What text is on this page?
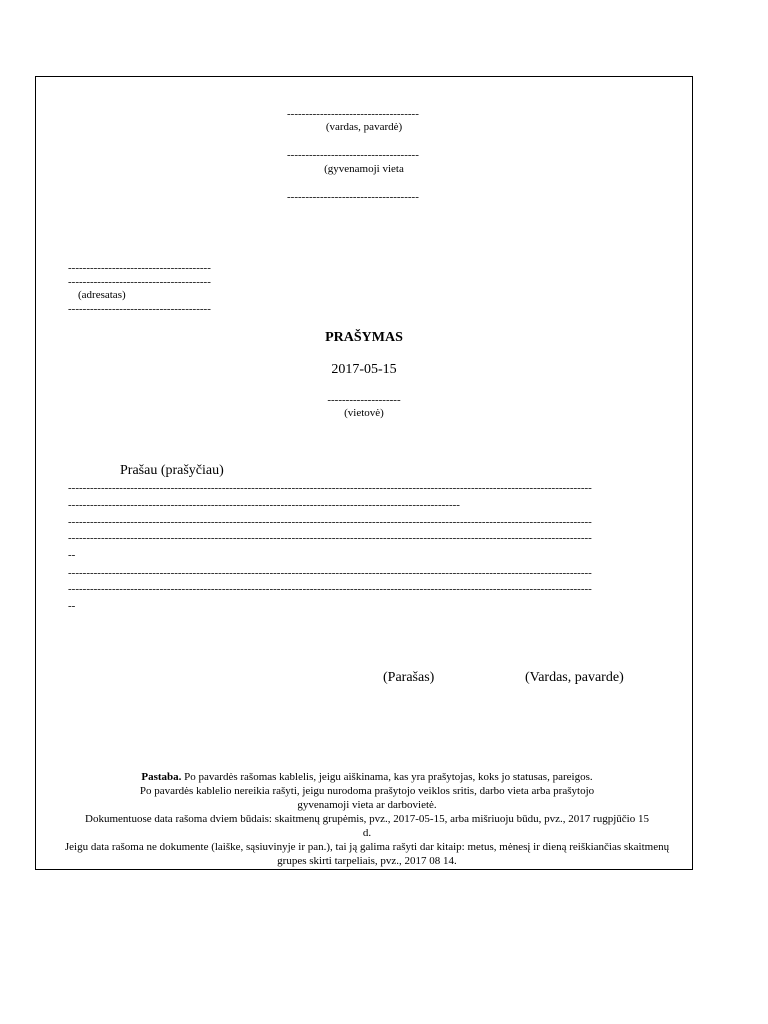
------------------------------------
(vardas, pavardė)
------------------------------------
(gyvenamoji vieta
------------------------------------
---------------------------------------
---------------------------------------
(adresatas)
---------------------------------------
PRAŠYMAS
2017-05-15
--------------------
(vietovė)
Prašau (prašyčiau)
-----------------------------------------------------------------------------------------------------------------------------------------------
-----------------------------------------------------------------------------------------------------------
-----------------------------------------------------------------------------------------------------------------------------------------------
-----------------------------------------------------------------------------------------------------------------------------------------------
--
-----------------------------------------------------------------------------------------------------------------------------------------------
-----------------------------------------------------------------------------------------------------------------------------------------------
--
(Parašas)	(Vardas, pavarde)

Pastaba. Po pavardės rašomas kablelis, jeigu aiškinama, kas yra prašytojas, koks jo statusas, pareigos.

Po pavardės kablelio nereikia rašyti, jeigu nurodoma prašytojo veiklos sritis, darbo vieta arba prašytojo gyvenamoji vieta ar darbovietė.

Dokumentuose data rašoma dviem būdais: skaitmenų grupėmis, pvz., 2017-05-15, arba mišriuoju būdu, pvz., 2017 rugpjūčio 15 d.

Jeigu data rašoma ne dokumente (laiške, sąsiuvinyje ir pan.), tai ją galima rašyti dar kitaip: metus, mėnesį ir dieną reiškiančias skaitmenų grupes skirti tarpeliais, pvz., 2017 08 14.
